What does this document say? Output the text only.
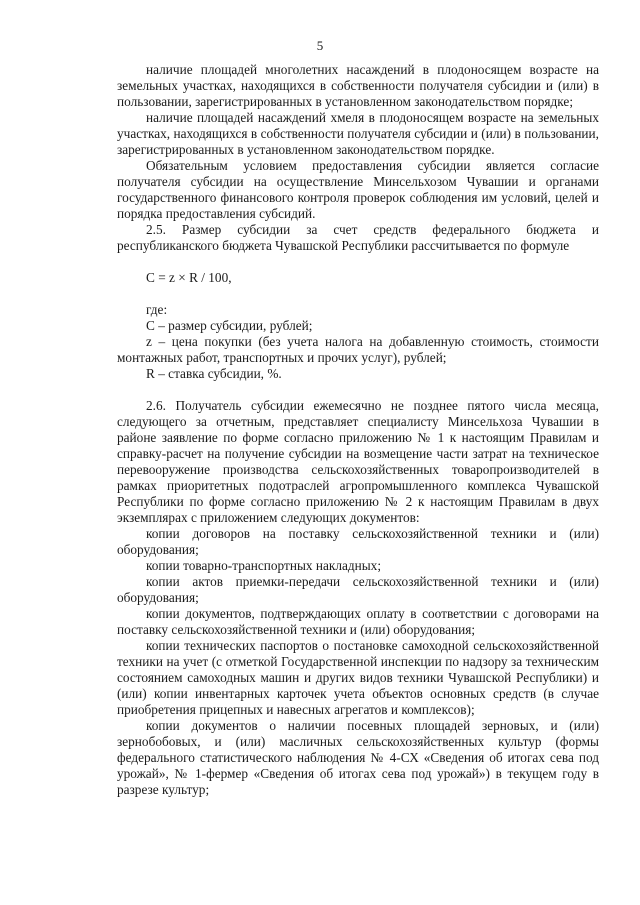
5

наличие площадей многолетних насаждений в плодоносящем возрасте на земельных участках, находящихся в собственности получателя субсидии и (или) в пользовании, зарегистрированных в установленном законодательством порядке;

наличие площадей насаждений хмеля в плодоносящем возрасте на земельных участках, находящихся в собственности получателя субсидии и (или) в пользовании, зарегистрированных в установленном законодательством порядке.

Обязательным условием предоставления субсидии является согласие получателя субсидии на осуществление Минсельхозом Чувашии и органами государственного финансового контроля проверок соблюдения им условий, целей и порядка предоставления субсидий.

2.5. Размер субсидии за счет средств федерального бюджета и республиканского бюджета Чувашской Республики рассчитывается по формуле

С = z × R / 100,

где:

С – размер субсидии, рублей;

z – цена покупки (без учета налога на добавленную стоимость, стоимости монтажных работ, транспортных и прочих услуг), рублей;

R – ставка субсидии, %.

2.6. Получатель субсидии ежемесячно не позднее пятого числа месяца, следующего за отчетным, представляет специалисту Минсельхоза Чувашии в районе заявление по форме согласно приложению № 1 к настоящим Правилам и справку-расчет на получение субсидии на возмещение части затрат на техническое перевооружение производства сельскохозяйственных товаропроизводителей в рамках приоритетных подотраслей агропромышленного комплекса Чувашской Республики по форме согласно приложению № 2 к настоящим Правилам в двух экземплярах с приложением следующих документов:

копии договоров на поставку сельскохозяйственной техники и (или) оборудования;

копии товарно-транспортных накладных;

копии актов приемки-передачи сельскохозяйственной техники и (или) оборудования;

копии документов, подтверждающих оплату в соответствии с договорами на поставку сельскохозяйственной техники и (или) оборудования;

копии технических паспортов о постановке самоходной сельскохозяйственной техники на учет (с отметкой Государственной инспекции по надзору за техническим состоянием самоходных машин и других видов техники Чувашской Республики) и (или) копии инвентарных карточек учета объектов основных средств (в случае приобретения прицепных и навесных агрегатов и комплексов);

копии документов о наличии посевных площадей зерновых, и (или) зернобобовых, и (или) масличных сельскохозяйственных культур (формы федерального статистического наблюдения № 4-СХ «Сведения об итогах сева под урожай», № 1-фермер «Сведения об итогах сева под урожай») в текущем году в разрезе культур;
